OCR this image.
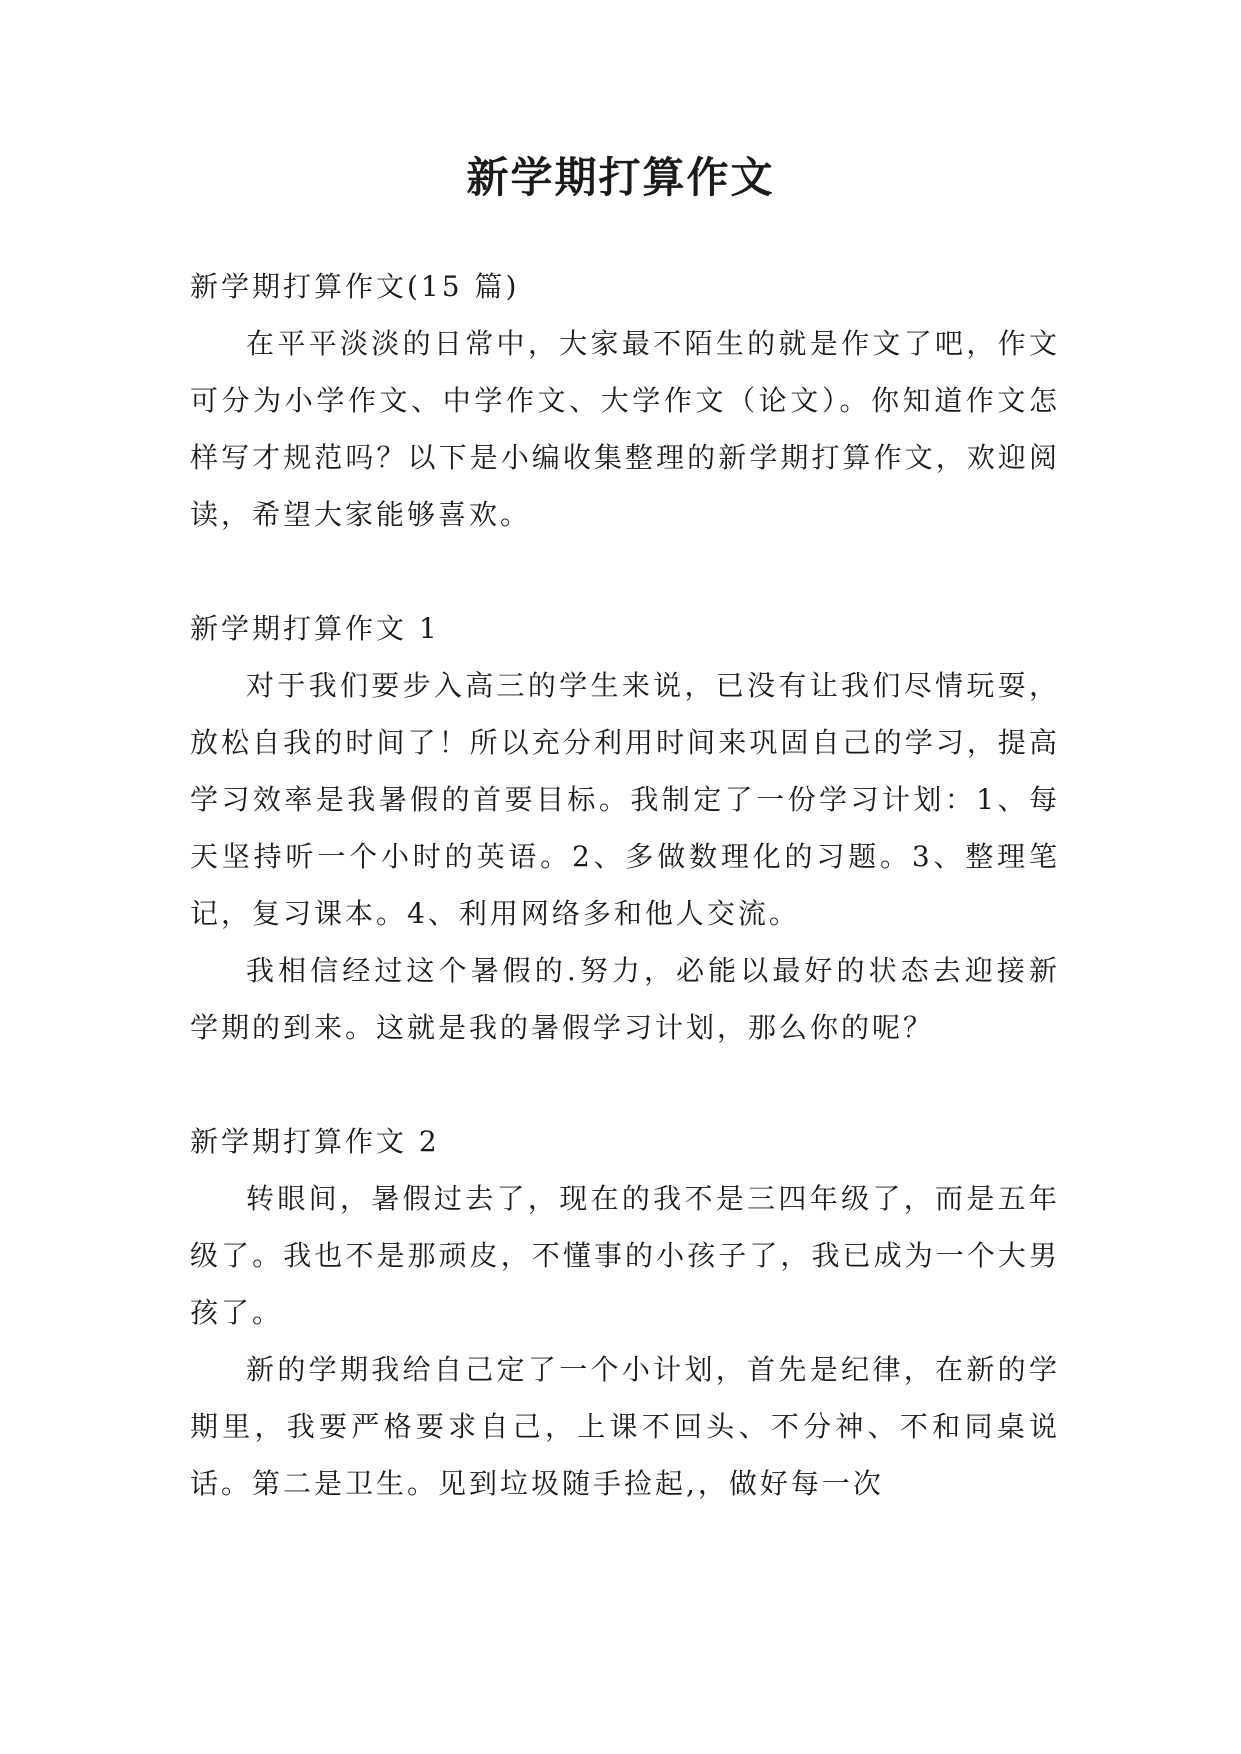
新学期打算作文

新学期打算作文(15 篇)

在平平淡淡的日常中，大家最不陌生的就是作文了吧，作文可分为小学作文、中学作文、大学作文（论文）。你知道作文怎样写才规范吗？以下是小编收集整理的新学期打算作文，欢迎阅读，希望大家能够喜欢。

新学期打算作文 1

对于我们要步入高三的学生来说，已没有让我们尽情玩耍，放松自我的时间了！所以充分利用时间来巩固自己的学习，提高学习效率是我暑假的首要目标。我制定了一份学习计划：1、每天坚持听一个小时的英语。2、多做数理化的习题。3、整理笔记，复习课本。4、利用网络多和他人交流。

我相信经过这个暑假的.努力，必能以最好的状态去迎接新学期的到来。这就是我的暑假学习计划，那么你的呢？

新学期打算作文 2

转眼间，暑假过去了，现在的我不是三四年级了，而是五年级了。我也不是那顽皮，不懂事的小孩子了，我已成为一个大男孩了。

新的学期我给自己定了一个小计划，首先是纪律，在新的学期里，我要严格要求自己，上课不回头、不分神、不和同桌说话。第二是卫生。见到垃圾随手捡起,，做好每一次
